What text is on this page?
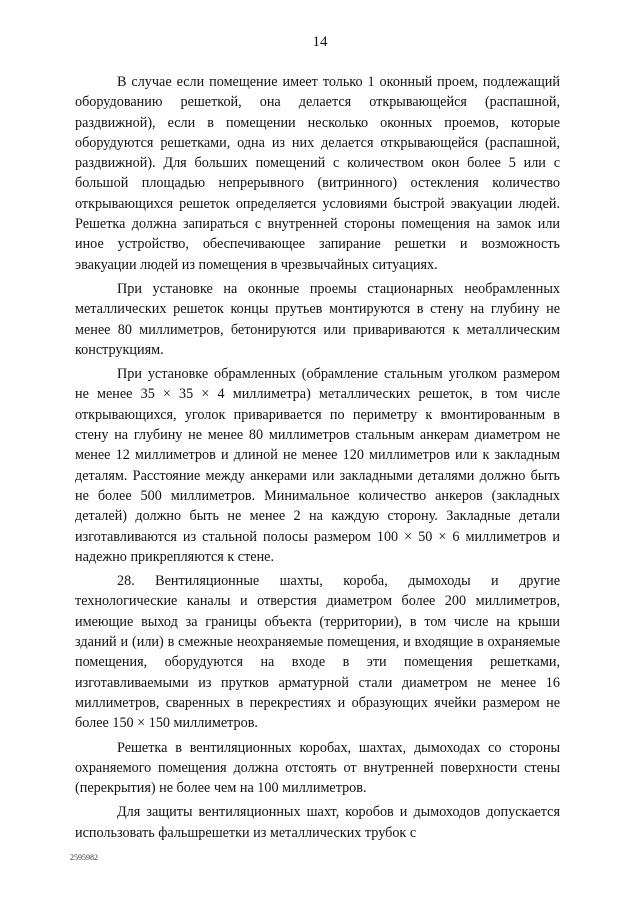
14

В случае если помещение имеет только 1 оконный проем, подлежащий оборудованию решеткой, она делается открывающейся (распашной, раздвижной), если в помещении несколько оконных проемов, которые оборудуются решетками, одна из них делается открывающейся (распашной, раздвижной). Для больших помещений с количеством окон более 5 или с большой площадью непрерывного (витринного) остекления количество открывающихся решеток определяется условиями быстрой эвакуации людей. Решетка должна запираться с внутренней стороны помещения на замок или иное устройство, обеспечивающее запирание решетки и возможность эвакуации людей из помещения в чрезвычайных ситуациях.

При установке на оконные проемы стационарных необрамленных металлических решеток концы прутьев монтируются в стену на глубину не менее 80 миллиметров, бетонируются или привариваются к металлическим конструкциям.

При установке обрамленных (обрамление стальным уголком размером не менее 35 × 35 × 4 миллиметра) металлических решеток, в том числе открывающихся, уголок приваривается по периметру к вмонтированным в стену на глубину не менее 80 миллиметров стальным анкерам диаметром не менее 12 миллиметров и длиной не менее 120 миллиметров или к закладным деталям. Расстояние между анкерами или закладными деталями должно быть не более 500 миллиметров. Минимальное количество анкеров (закладных деталей) должно быть не менее 2 на каждую сторону. Закладные детали изготавливаются из стальной полосы размером 100 × 50 × 6 миллиметров и надежно прикрепляются к стене.

28. Вентиляционные шахты, короба, дымоходы и другие технологические каналы и отверстия диаметром более 200 миллиметров, имеющие выход за границы объекта (территории), в том числе на крыши зданий и (или) в смежные неохраняемые помещения, и входящие в охраняемые помещения, оборудуются на входе в эти помещения решетками, изготавливаемыми из прутков арматурной стали диаметром не менее 16 миллиметров, сваренных в перекрестиях и образующих ячейки размером не более 150 × 150 миллиметров.

Решетка в вентиляционных коробах, шахтах, дымоходах со стороны охраняемого помещения должна отстоять от внутренней поверхности стены (перекрытия) не более чем на 100 миллиметров.

Для защиты вентиляционных шахт, коробов и дымоходов допускается использовать фальшрешетки из металлических трубок с

2595982
